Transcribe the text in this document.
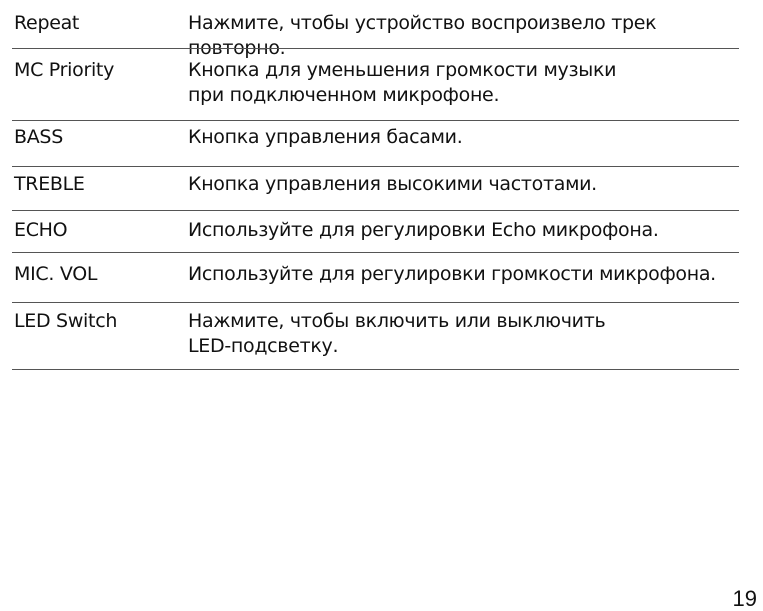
Repeat	Нажмите, чтобы устройство воспроизвело трек повторно.
MC Priority	Кнопка для уменьшения громкости музыки
при подключенном микрофоне.
BASS	Кнопка управления басами.
TREBLE	Кнопка управления высокими частотами.
ECHO	Используйте для регулировки Echo микрофона.
MIC. VOL	Используйте для регулировки громкости микрофона.
LED Switch	Нажмите, чтобы включить или выключить
LED-подсветку.
19
